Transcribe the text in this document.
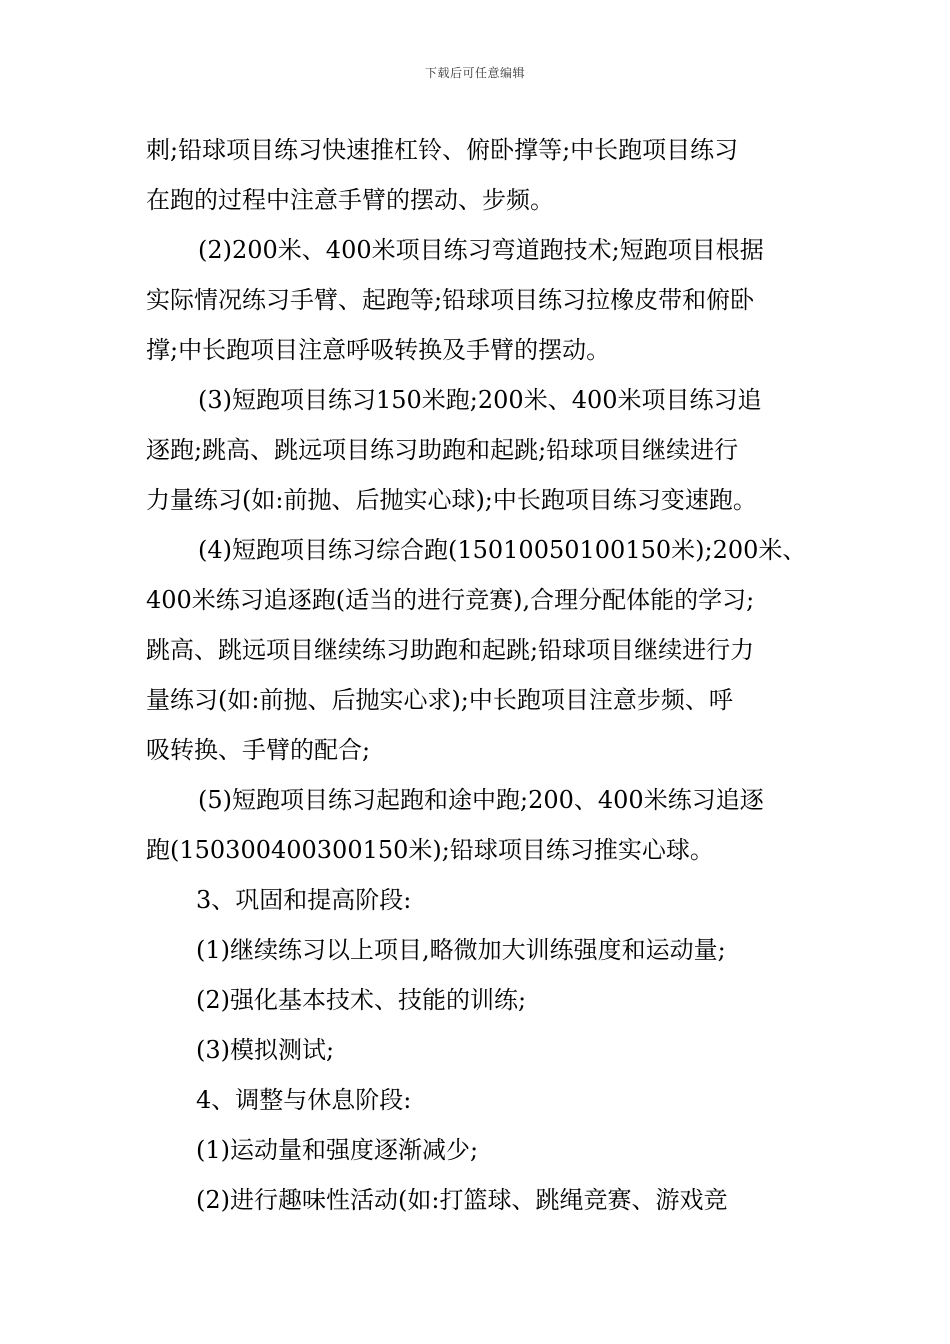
下载后可任意编辑
刺;铅球项目练习快速推杠铃、俯卧撑等;中长跑项目练习
在跑的过程中注意手臂的摆动、步频。
(2)200米、400米项目练习弯道跑技术;短跑项目根据
实际情况练习手臂、起跑等;铅球项目练习拉橡皮带和俯卧
撑;中长跑项目注意呼吸转换及手臂的摆动。
(3)短跑项目练习150米跑;200米、400米项目练习追
逐跑;跳高、跳远项目练习助跑和起跳;铅球项目继续进行
力量练习(如:前抛、后抛实心球);中长跑项目练习变速跑。
(4)短跑项目练习综合跑(15010050100150米);200米、
400米练习追逐跑(适当的进行竞赛),合理分配体能的学习;
跳高、跳远项目继续练习助跑和起跳;铅球项目继续进行力
量练习(如:前抛、后抛实心求);中长跑项目注意步频、呼
吸转换、手臂的配合;
(5)短跑项目练习起跑和途中跑;200、400米练习追逐
跑(150300400300150米);铅球项目练习推实心球。
3、巩固和提高阶段:
(1)继续练习以上项目,略微加大训练强度和运动量;
(2)强化基本技术、技能的训练;
(3)模拟测试;
4、调整与休息阶段:
(1)运动量和强度逐渐减少;
(2)进行趣味性活动(如:打篮球、跳绳竞赛、游戏竞
